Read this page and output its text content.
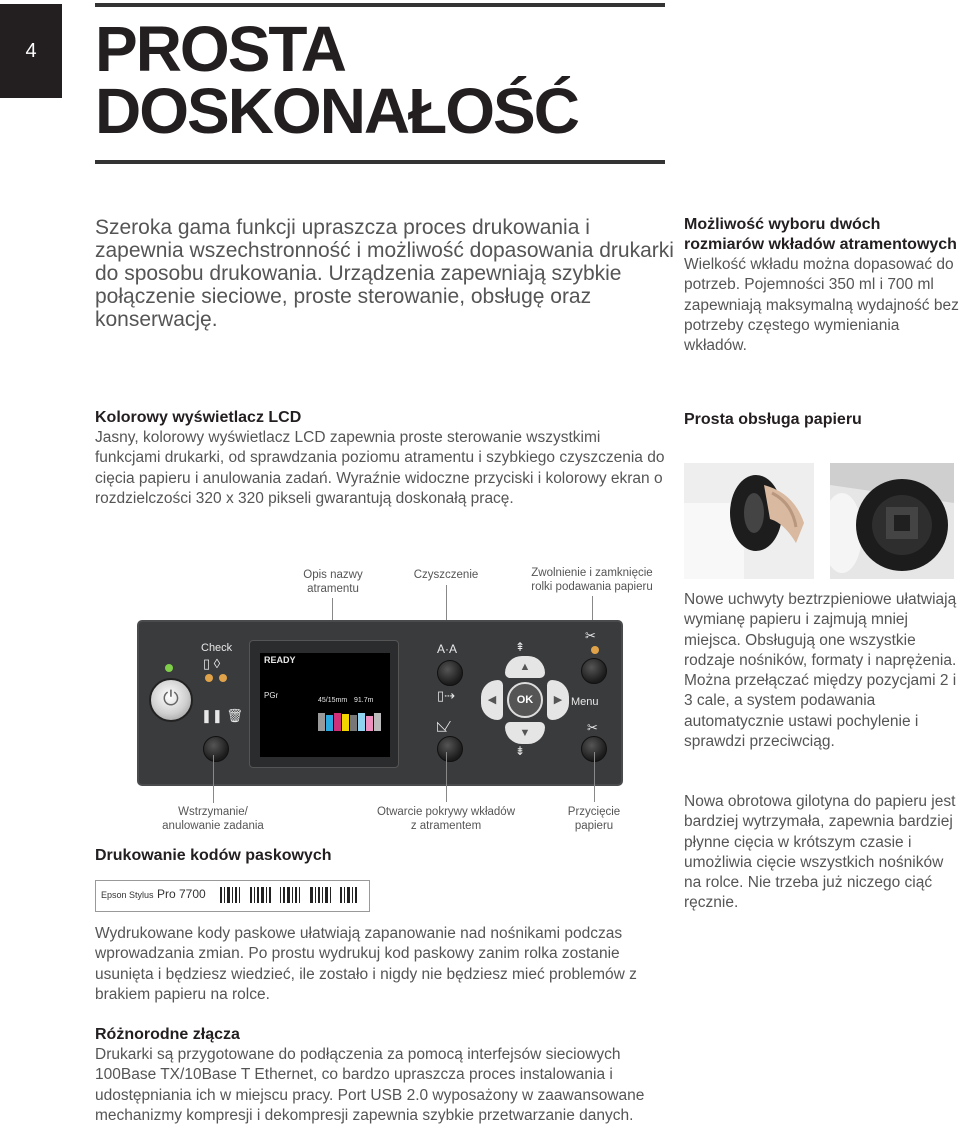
4 PROSTA
DOSKONAŁOŚĆ

Szeroka gama funkcji upraszcza proces drukowania i zapewnia wszechstronność i możliwość dopasowania drukarki do sposobu drukowania. Urządzenia zapewniają szybkie połączenie sieciowe, proste sterowanie, obsługę oraz konserwację.

Możliwość wyboru dwóch rozmiarów wkładów atramentowych
Wielkość wkładu można dopasować do potrzeb. Pojemności 350 ml i 700 ml zapewniają maksymalną wydajność bez potrzeby częstego wymieniania wkładów.
Kolorowy wyświetlacz LCD
Jasny, kolorowy wyświetlacz LCD zapewnia proste sterowanie wszystkimi funkcjami drukarki, od sprawdzania poziomu atramentu i szybkiego czyszczenia do cięcia papieru i anulowania zadań. Wyraźnie widoczne przyciski i kolorowy ekran o rozdzielczości 320 x 320 pikseli gwarantują doskonałą pracę.
Prosta obsługa papieru
Nowe uchwyty beztrzpieniowe ułatwiają wymianę papieru i zajmują mniej miejsca. Obsługują one wszystkie rodzaje nośników, formaty i naprężenia. Można przełączać między pozycjami 2 i 3 cale, a system podawania automatycznie ustawi pochylenie i sprawdzi przeciwciąg.
Nowa obrotowa gilotyna do papieru jest bardziej wytrzymała, zapewnia bardziej płynne cięcia w krótszym czasie i umożliwia cięcie wszystkich nośników na rolce. Nie trzeba już niczego ciąć ręcznie.
Opis nazwy
atramentu
Czyszczenie	Zwolnienie i zamknięcie
rolki podawania papieru
Check
▯ ◊
⏻
❚❚ 🗑
READY
PGr
45/15mm 91.7m
A·A
▯⇢
◺⁄
⇞
▲
◀	▶
▼
OK
⇟
✂
Menu
✂
Wstrzymanie/
anulowanie zadania
Otwarcie pokrywy wkładów
z atramentem
Przycięcie
papieru
Drukowanie kodów paskowych
Epson Stylus Pro 7700
Wydrukowane kody paskowe ułatwiają zapanowanie nad nośnikami podczas wprowadzania zmian. Po prostu wydrukuj kod paskowy zanim rolka zostanie usunięta i będziesz wiedzieć, ile zostało i nigdy nie będziesz mieć problemów z brakiem papieru na rolce.
Różnorodne złącza
Drukarki są przygotowane do podłączenia za pomocą interfejsów sieciowych 100Base TX/10Base T Ethernet, co bardzo upraszcza proces instalowania i udostępniania ich w miejscu pracy. Port USB 2.0 wyposażony w zaawansowane mechanizmy kompresji i dekompresji zapewnia szybkie przetwarzanie danych.
